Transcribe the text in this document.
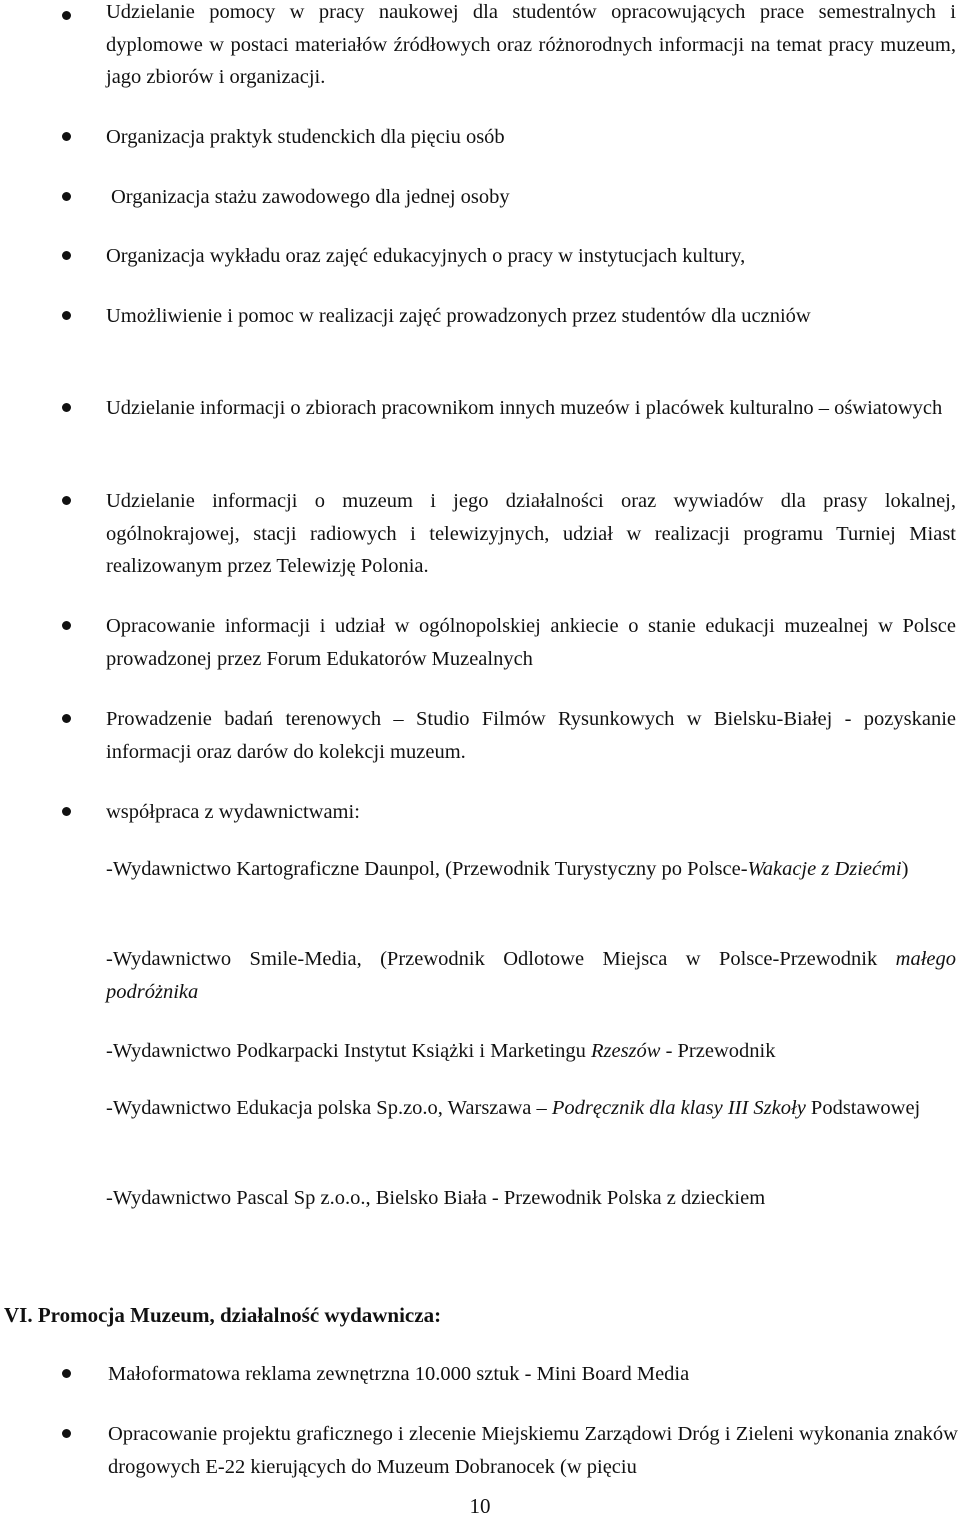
Udzielanie pomocy w pracy naukowej dla studentów opracowujących prace semestralnych i dyplomowe w postaci materiałów źródłowych oraz różnorodnych informacji na temat pracy muzeum, jago zbiorów i organizacji.
Organizacja praktyk studenckich dla pięciu osób
Organizacja stażu zawodowego dla jednej osoby
Organizacja wykładu oraz zajęć edukacyjnych o pracy w instytucjach kultury,
Umożliwienie i pomoc w realizacji zajęć prowadzonych przez studentów dla uczniów
Udzielanie informacji o zbiorach pracownikom innych muzeów i placówek kulturalno – oświatowych
Udzielanie informacji o muzeum i jego działalności oraz wywiadów dla prasy lokalnej, ogólnokrajowej, stacji radiowych i telewizyjnych, udział w realizacji programu Turniej Miast realizowanym przez Telewizję Polonia.
Opracowanie informacji i udział w ogólnopolskiej ankiecie o stanie edukacji muzealnej w Polsce prowadzonej przez Forum Edukatorów Muzealnych
Prowadzenie badań terenowych – Studio Filmów Rysunkowych w Bielsku-Białej - pozyskanie informacji oraz darów do kolekcji muzeum.
współpraca z wydawnictwami:
-Wydawnictwo Kartograficzne Daunpol, (Przewodnik Turystyczny po Polsce-Wakacje z Dziećmi)
-Wydawnictwo Smile-Media, (Przewodnik Odlotowe Miejsca w Polsce-Przewodnik małego podróżnika
-Wydawnictwo Podkarpacki Instytut Książki i Marketingu Rzeszów - Przewodnik
-Wydawnictwo Edukacja polska Sp.zo.o, Warszawa – Podręcznik dla klasy III Szkoły Podstawowej
-Wydawnictwo Pascal Sp z.o.o., Bielsko Biała - Przewodnik Polska z dzieckiem
VI. Promocja Muzeum, działalność wydawnicza:
Małoformatowa reklama zewnętrzna 10.000 sztuk - Mini Board Media
Opracowanie projektu graficznego i zlecenie Miejskiemu Zarządowi Dróg i Zieleni wykonania znaków drogowych E-22 kierujących do Muzeum Dobranocek (w pięciu
10
